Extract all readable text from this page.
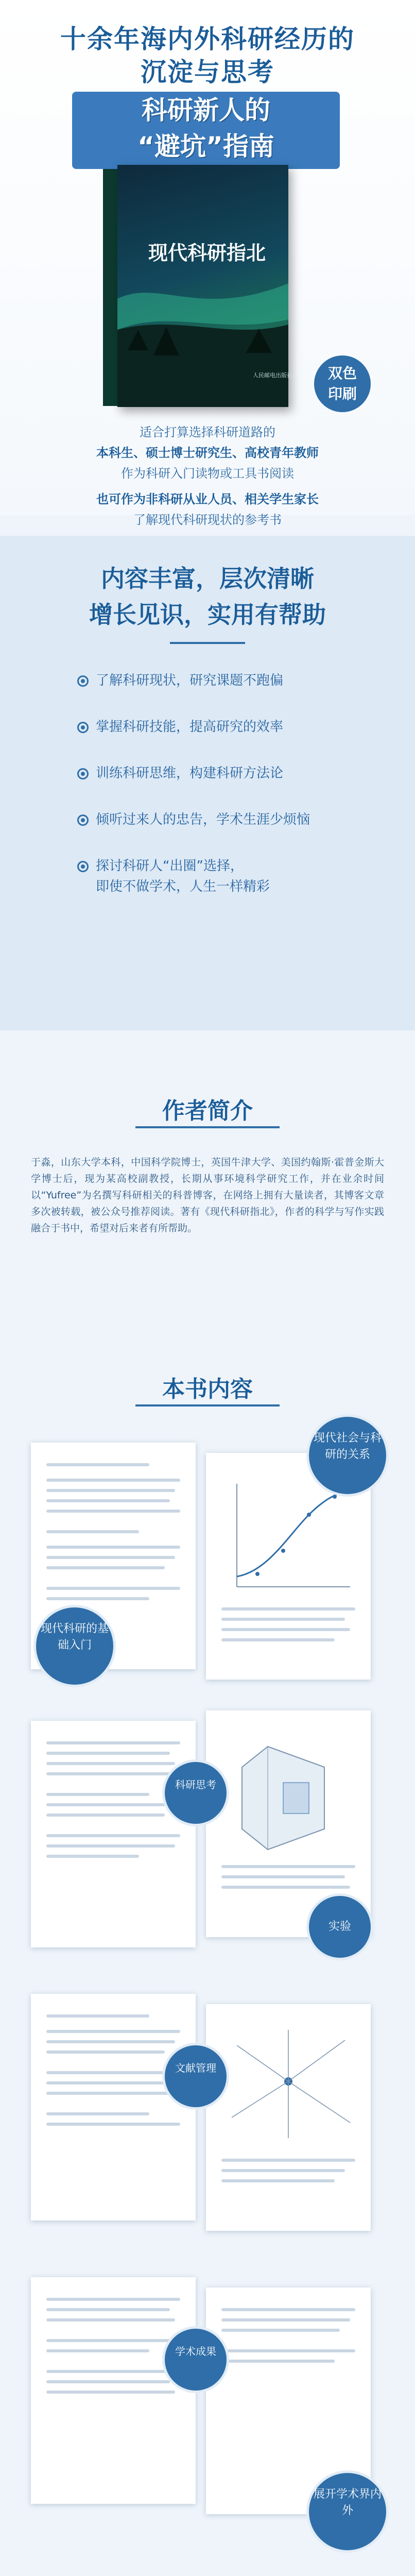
十余年海内外科研经历的
沉淀与思考
科研新人的
“避坑”指南
现代科研指北
人民邮电出版社	双色
印刷
适合打算选择科研道路的
本科生、硕士博士研究生、高校青年教师
作为科研入门读物或工具书阅读
也可作为非科研从业人员、相关学生家长
了解现代科研现状的参考书
内容丰富，层次清晰
增长见识，实用有帮助
了解科研现状，研究课题不跑偏
掌握科研技能，提高研究的效率
训练科研思维，构建科研方法论
倾听过来人的忠告，学术生涯少烦恼
探讨科研人“出圈”选择，
即使不做学术，人生一样精彩
作者简介
于淼，山东大学本科，中国科学院博士，英国牛津大学、美国约翰斯·霍普金斯大学博士后，现为某高校副教授，长期从事环境科学研究工作，并在业余时间以“Yufree”为名撰写科研相关的科普博客，在网络上拥有大量读者，其博客文章多次被转载，被公众号推荐阅读。著有《现代科研指北》，作者的科学与写作实践融合于书中，希望对后来者有所帮助。
本书内容
现代社会与科研的关系
现代科研的基础入门
科研思考
实验
文献管理
学术成果
展开学术界内外
